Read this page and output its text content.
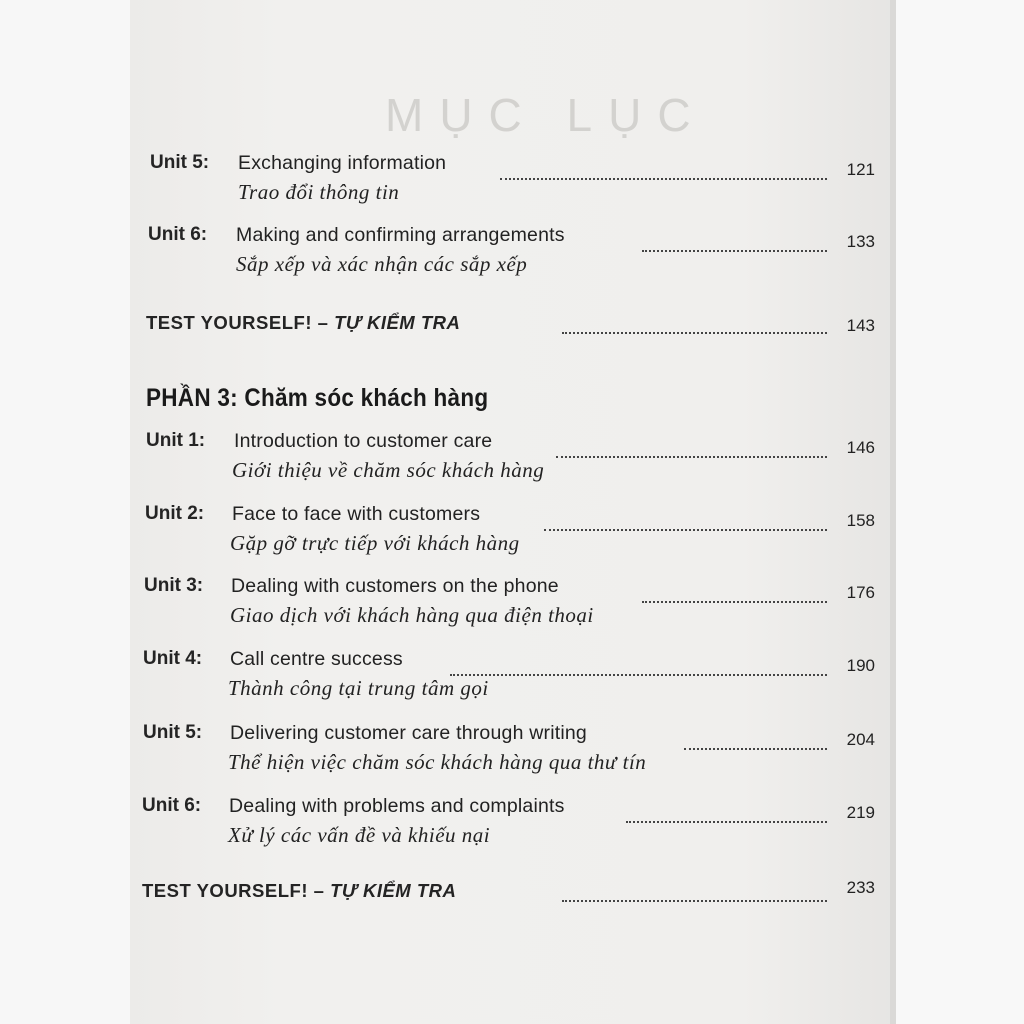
MỤC LỤC
Unit 5: Exchanging information	121
Trao đổi thông tin
Unit 6: Making and confirming arrangements	133
Sắp xếp và xác nhận các sắp xếp
TEST YOURSELF! – TỰ KIỂM TRA	143
PHẦN 3: Chăm sóc khách hàng
Unit 1: Introduction to customer care	146
Giới thiệu về chăm sóc khách hàng
Unit 2: Face to face with customers	158
Gặp gỡ trực tiếp với khách hàng
Unit 3: Dealing with customers on the phone	176
Giao dịch với khách hàng qua điện thoại
Unit 4: Call centre success	190
Thành công tại trung tâm gọi
Unit 5: Delivering customer care through writing	204
Thể hiện việc chăm sóc khách hàng qua thư tín
Unit 6: Dealing with problems and complaints	219
Xử lý các vấn đề và khiếu nại
TEST YOURSELF! – TỰ KIỂM TRA	233
